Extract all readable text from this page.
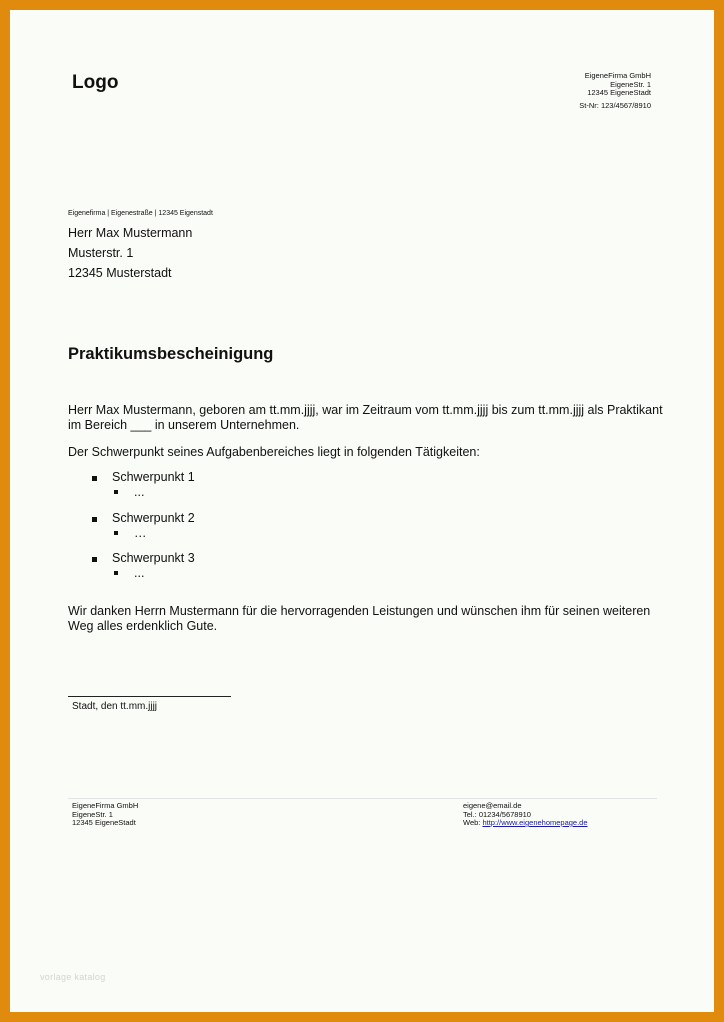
Logo	EigeneFirma GmbH
EigeneStr. 1
12345 EigeneStadt
St-Nr: 123/4567/8910
Eigenefirma | Eigenestraße | 12345 Eigenstadt
Herr Max Mustermann
Musterstr. 1
12345 Musterstadt
Praktikumsbescheinigung
Herr Max Mustermann, geboren am tt.mm.jjjj, war im Zeitraum vom tt.mm.jjjj bis zum tt.mm.jjjj als Praktikant im Bereich ___ in unserem Unternehmen.
Der Schwerpunkt seines Aufgabenbereiches liegt in folgenden Tätigkeiten:
Schwerpunkt 1
...
Schwerpunkt 2
…
Schwerpunkt 3
...
Wir danken Herrn Mustermann für die hervorragenden Leistungen und wünschen ihm für seinen weiteren Weg alles erdenklich Gute.
Stadt, den tt.mm.jjjj
EigeneFirma GmbH
EigeneStr. 1
12345 EigeneStadt
eigene@email.de
Tel.: 01234/5678910
Web: http://www.eigenehomepage.de
vorlage katalog
